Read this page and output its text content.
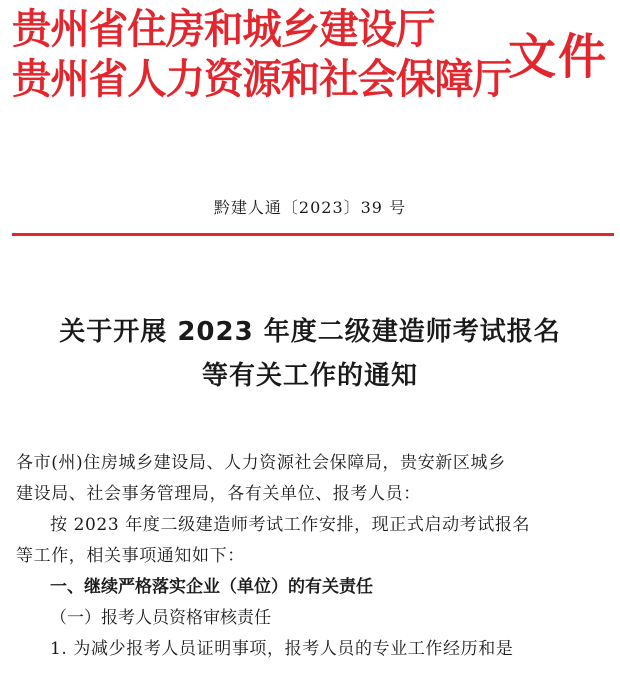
贵州省住房和城乡建设厅
贵州省人力资源和社会保障厅
文件
黔建人通〔2023〕39 号
关于开展 2023 年度二级建造师考试报名
等有关工作的通知

各市(州)住房城乡建设局、人力资源社会保障局，贵安新区城乡

建设局、社会事务管理局，各有关单位、报考人员：

按 2023 年度二级建造师考试工作安排，现正式启动考试报名

等工作，相关事项通知如下：

一、继续严格落实企业（单位）的有关责任

（一）报考人员资格审核责任

1. 为减少报考人员证明事项，报考人员的专业工作经历和是
